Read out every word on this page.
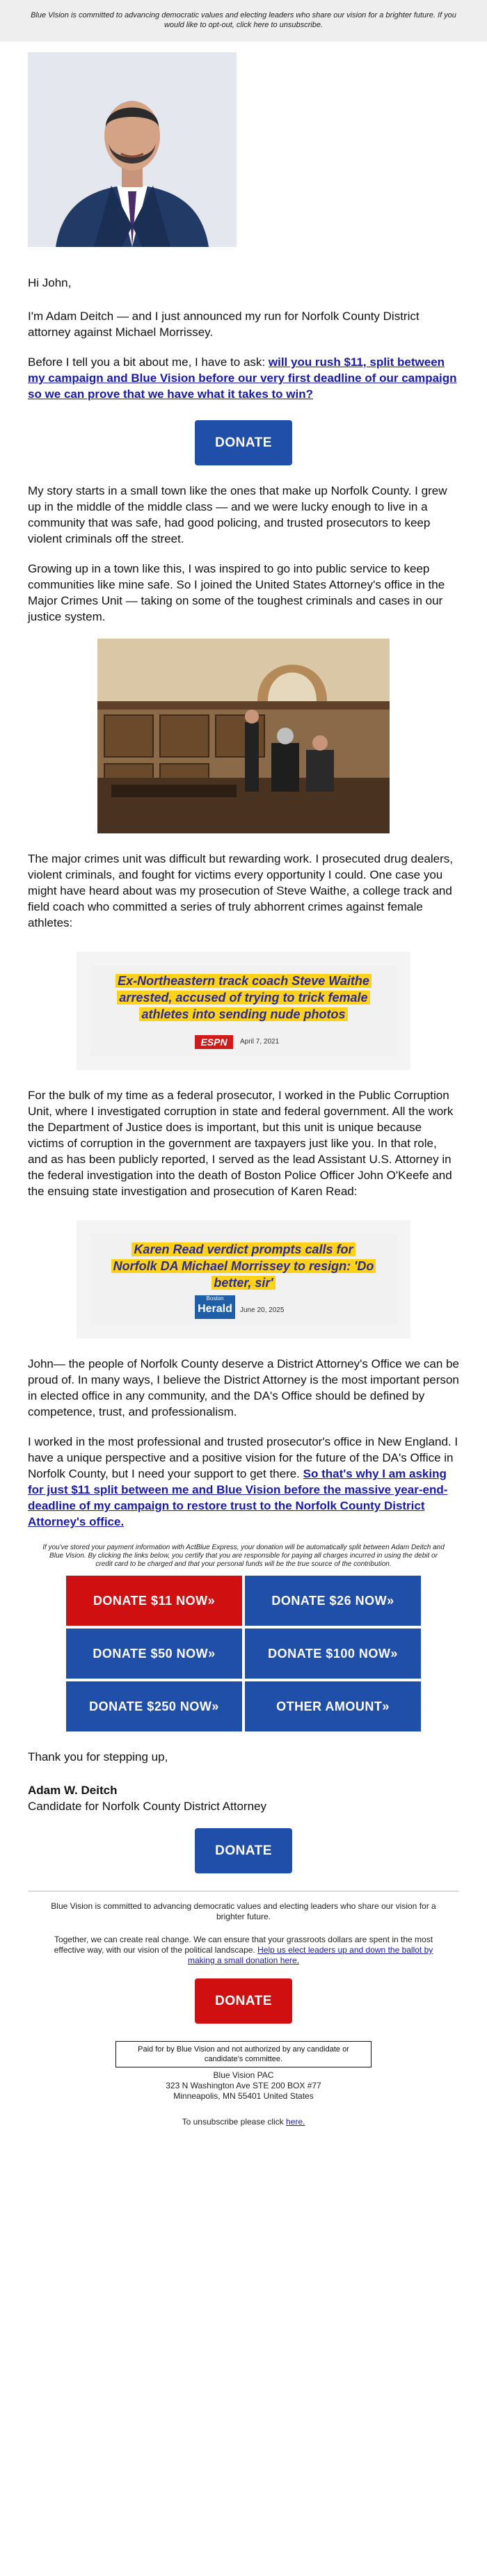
Blue Vision is committed to advancing democratic values and electing leaders who share our vision for a brighter future. If you would like to opt-out, click here to unsubscribe.

Hi John,

I'm Adam Deitch — and I just announced my run for Norfolk County District attorney against Michael Morrissey.

Before I tell you a bit about me, I have to ask: will you rush $11, split between my campaign and Blue Vision before our very first deadline of our campaign so we can prove that we have what it takes to win?

DONATE

My story starts in a small town like the ones that make up Norfolk County. I grew up in the middle of the middle class — and we were lucky enough to live in a community that was safe, had good policing, and trusted prosecutors to keep violent criminals off the street.

Growing up in a town like this, I was inspired to go into public service to keep communities like mine safe. So I joined the United States Attorney's office in the Major Crimes Unit — taking on some of the toughest criminals and cases in our justice system.

The major crimes unit was difficult but rewarding work. I prosecuted drug dealers, violent criminals, and fought for victims every opportunity I could. One case you might have heard about was my prosecution of Steve Waithe, a college track and field coach who committed a series of truly abhorrent crimes against female athletes:

Ex-Northeastern track coach Steve Waithe arrested, accused of trying to trick female athletes into sending nude photos
ESPN	April 7, 2021

For the bulk of my time as a federal prosecutor, I worked in the Public Corruption Unit, where I investigated corruption in state and federal government. All the work the Department of Justice does is important, but this unit is unique because victims of corruption in the government are taxpayers just like you. In that role, and as has been publicly reported, I served as the lead Assistant U.S. Attorney in the federal investigation into the death of Boston Police Officer John O'Keefe and the ensuing state investigation and prosecution of Karen Read:

Karen Read verdict prompts calls for Norfolk DA Michael Morrissey to resign: 'Do better, sir'
Boston
Herald	June 20, 2025

John— the people of Norfolk County deserve a District Attorney's Office we can be proud of. In many ways, I believe the District Attorney is the most important person in elected office in any community, and the DA's Office should be defined by competence, trust, and professionalism.

I worked in the most professional and trusted prosecutor's office in New England. I have a unique perspective and a positive vision for the future of the DA's Office in Norfolk County, but I need your support to get there. So that's why I am asking for just $11 split between me and Blue Vision before the massive year-end-deadline of my campaign to restore trust to the Norfolk County District Attorney's office.

If you've stored your payment information with ActBlue Express, your donation will be automatically split between Adam Deitch and Blue Vision. By clicking the links below, you certify that you are responsible for paying all charges incurred in using the debit or credit card to be charged and that your personal funds will be the true source of the contribution.

DONATE $11 NOW»	DONATE $26 NOW»
DONATE $50 NOW»	DONATE $100 NOW»
DONATE $250 NOW»	OTHER AMOUNT»

Thank you for stepping up,

Adam W. Deitch

Candidate for Norfolk County District Attorney

DONATE

Blue Vision is committed to advancing democratic values and electing leaders who share our vision for a brighter future.

Together, we can create real change. We can ensure that your grassroots dollars are spent in the most effective way, with our vision of the political landscape. Help us elect leaders up and down the ballot by making a small donation here.

DONATE
Paid for by Blue Vision and not authorized by any candidate or candidate's committee.
Blue Vision PAC
323 N Washington Ave STE 200 BOX #77
Minneapolis, MN 55401 United States
To unsubscribe please click here.
